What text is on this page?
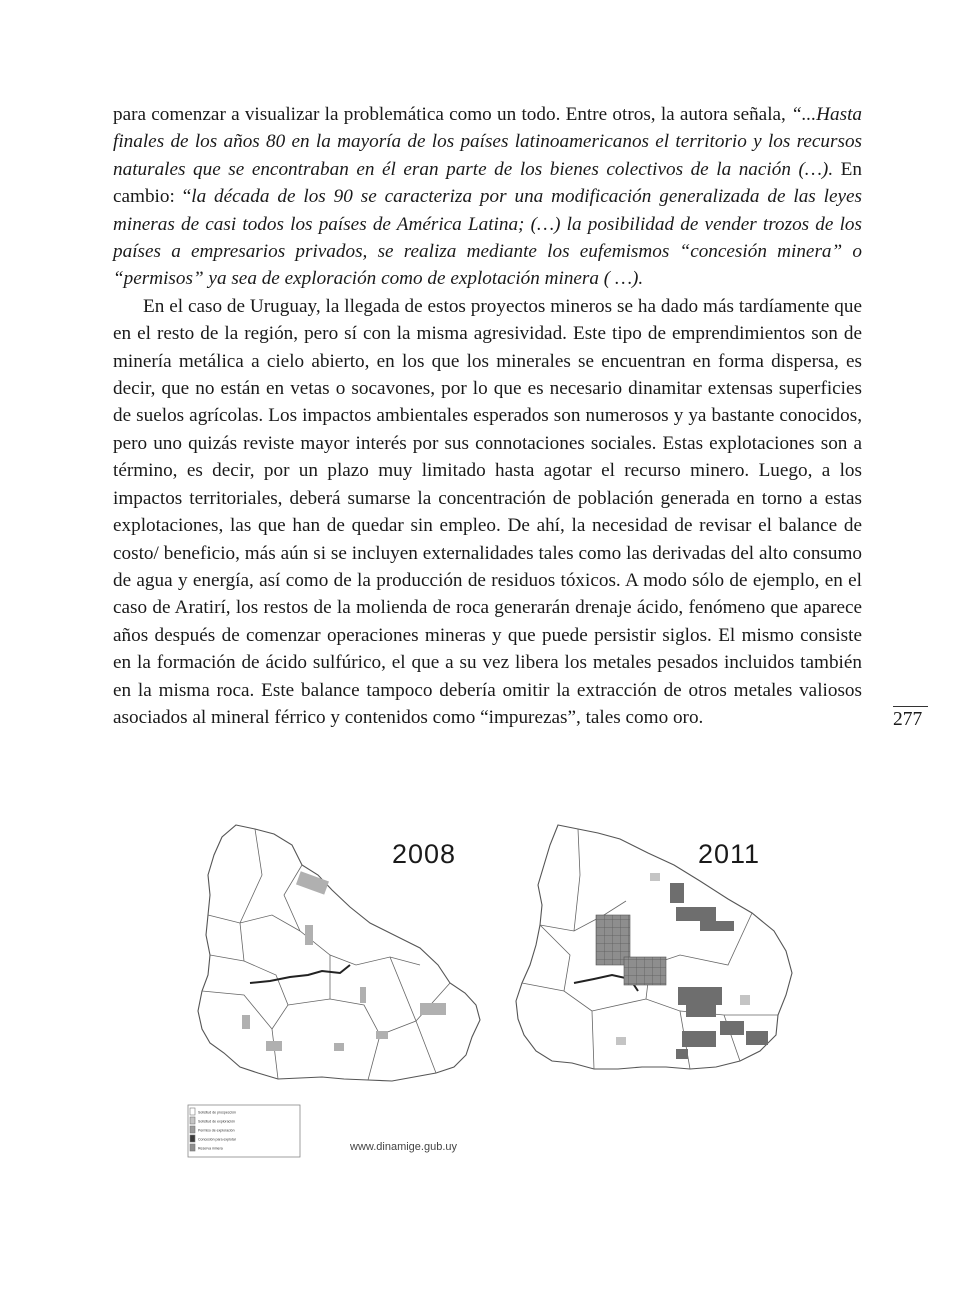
para comenzar a visualizar la problemática como un todo. Entre otros, la autora señala, “...Hasta finales de los años 80 en la mayoría de los países latinoamericanos el territorio y los recursos naturales que se encontraban en él eran parte de los bienes colectivos de la nación (…). En cambio: “la década de los 90 se caracteriza por una modificación generalizada de las leyes mineras de casi todos los países de América Latina; (…) la posibilidad de vender trozos de los países a empresarios privados, se realiza mediante los eufemismos “concesión minera” o “permisos” ya sea de exploración como de explotación minera ( …).

En el caso de Uruguay, la llegada de estos proyectos mineros se ha dado más tardíamente que en el resto de la región, pero sí con la misma agresividad. Este tipo de emprendimientos son de minería metálica a cielo abierto, en los que los minerales se encuentran en forma dispersa, es decir, que no están en vetas o socavones, por lo que es necesario dinamitar extensas superficies de suelos agrícolas. Los impactos ambientales esperados son numerosos y ya bastante conocidos, pero uno quizás reviste mayor interés por sus connotaciones sociales. Estas explotaciones son a término, es decir, por un plazo muy limitado hasta agotar el recurso minero. Luego, a los impactos territoriales, deberá sumarse la concentración de población generada en torno a estas explotaciones, las que han de quedar sin empleo. De ahí, la necesidad de revisar el balance de costo/ beneficio, más aún si se incluyen externalidades tales como las derivadas del alto consumo de agua y energía, así como de la producción de residuos tóxicos. A modo sólo de ejemplo, en el caso de Aratirí, los restos de la molienda de roca generarán drenaje ácido, fenómeno que aparece años después de comenzar operaciones mineras y que puede persistir siglos. El mismo consiste en la formación de ácido sulfúrico, el que a su vez libera los metales pesados incluidos también en la misma roca. Este balance tampoco debería omitir la extracción de otros metales valiosos asociados al mineral férrico y contenidos como “impurezas”, tales como oro.	277
2008	2011
Solicitud de prospección
Solicitud de exploración
Permiso de exploración
Concesión para explotar
Reserva minera	www.dinamige.gub.uy
